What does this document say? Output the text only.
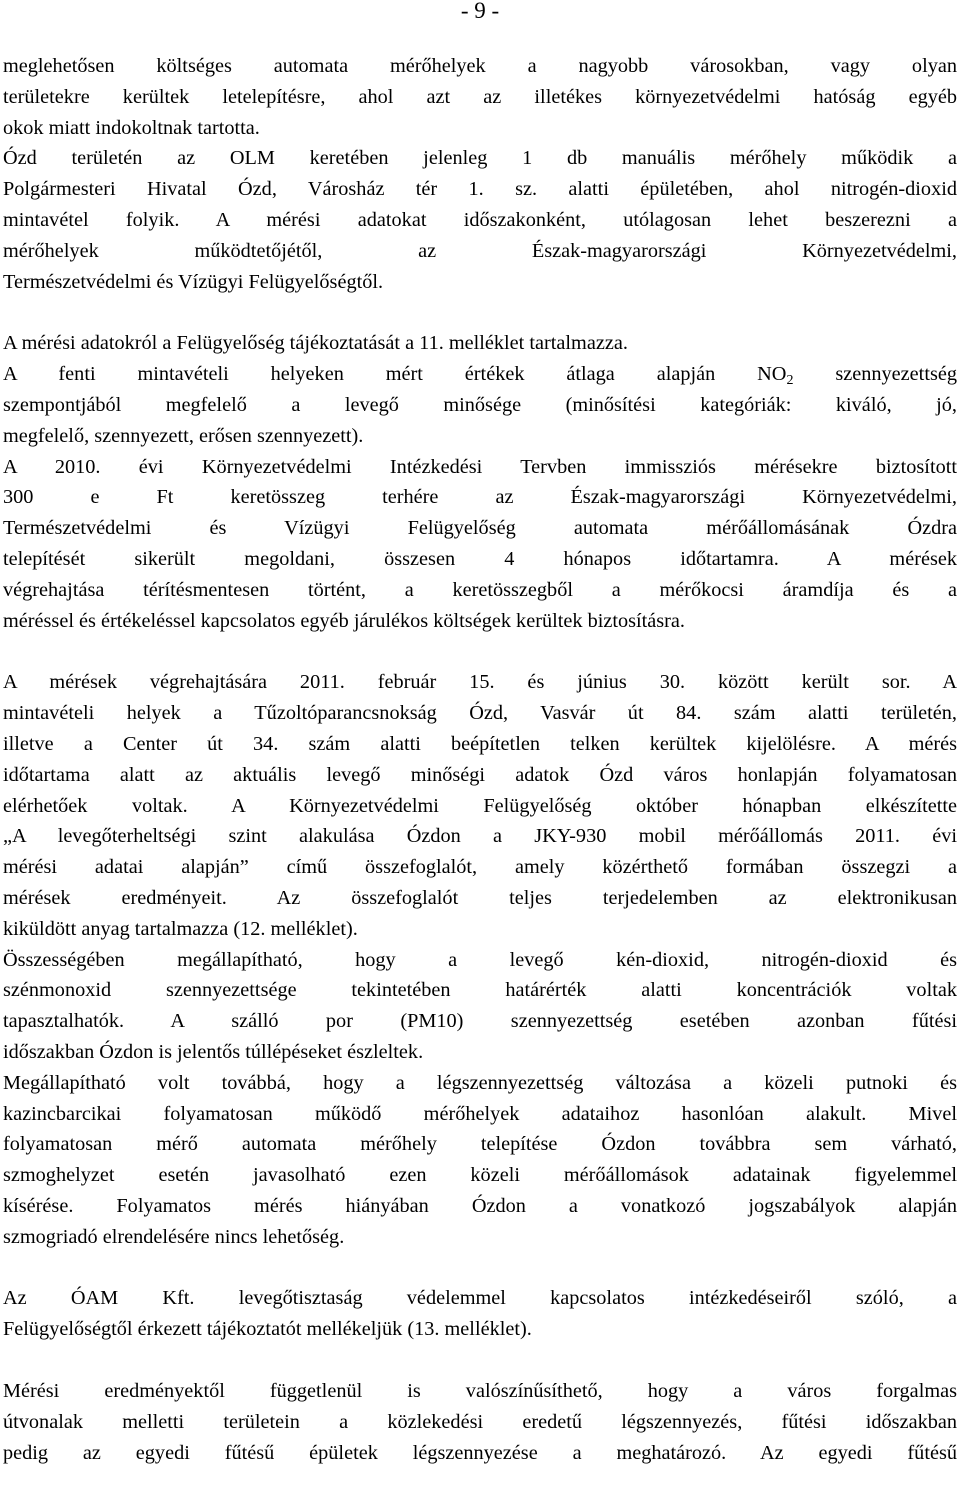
- 9 -
meglehetősen költséges automata mérőhelyek a nagyobb városokban, vagy olyan
területekre kerültek letelepítésre, ahol azt az illetékes környezetvédelmi hatóság egyéb
okok miatt indokoltnak tartotta.
Ózd területén az OLM keretében jelenleg 1 db manuális mérőhely működik a
Polgármesteri Hivatal Ózd, Városház tér 1. sz. alatti épületében, ahol nitrogén-dioxid
mintavétel folyik. A mérési adatokat időszakonként, utólagosan lehet beszerezni a
mérőhelyek működtetőjétől, az Észak-magyarországi Környezetvédelmi,
Természetvédelmi és Vízügyi Felügyelőségtől.
A mérési adatokról a Felügyelőség tájékoztatását a 11. melléklet tartalmazza.
A fenti mintavételi helyeken mért értékek átlaga alapján $NO_2$ szennyezettség
szempontjából megfelelő a levegő minősége (minősítési kategóriák: kiváló, jó,
megfelelő, szennyezett, erősen szennyezett).
A 2010. évi Környezetvédelmi Intézkedési Tervben immissziós mérésekre biztosított
300 e Ft keretösszeg terhére az Észak-magyarországi Környezetvédelmi,
Természetvédelmi és Vízügyi Felügyelőség automata mérőállomásának Ózdra
telepítését sikerült megoldani, összesen 4 hónapos időtartamra. A mérések
végrehajtása térítésmentesen történt, a keretösszegből a mérőkocsi áramdíja és a
méréssel és értékeléssel kapcsolatos egyéb járulékos költségek kerültek biztosításra.
A mérések végrehajtására 2011. február 15. és június 30. között került sor. A
mintavételi helyek a Tűzoltóparancsnokság Ózd, Vasvár út 84. szám alatti területén,
illetve a Center út 34. szám alatti beépítetlen telken kerültek kijelölésre. A mérés
időtartama alatt az aktuális levegő minőségi adatok Ózd város honlapján folyamatosan
elérhetőek voltak. A Környezetvédelmi Felügyelőség október hónapban elkészítette
„A levegőterheltségi szint alakulása Ózdon a JKY-930 mobil mérőállomás 2011. évi
mérési adatai alapján” című összefoglalót, amely közérthető formában összegzi a
mérések eredményeit. Az összefoglalót teljes terjedelemben az elektronikusan
kiküldött anyag tartalmazza (12. melléklet).
Összességében megállapítható, hogy a levegő kén-dioxid, nitrogén-dioxid és
szénmonoxid szennyezettsége tekintetében határérték alatti koncentrációk voltak
tapasztalhatók. A szálló por (PM10) szennyezettség esetében azonban fűtési
időszakban Ózdon is jelentős túllépéseket észleltek.
Megállapítható volt továbbá, hogy a légszennyezettség változása a közeli putnoki és
kazincbarcikai folyamatosan működő mérőhelyek adataihoz hasonlóan alakult. Mivel
folyamatosan mérő automata mérőhely telepítése Ózdon továbbra sem várható,
szmoghelyzet esetén javasolható ezen közeli mérőállomások adatainak figyelemmel
kísérése. Folyamatos mérés hiányában Ózdon a vonatkozó jogszabályok alapján
szmogriadó elrendelésére nincs lehetőség.
Az ÓAM Kft. levegőtisztaság védelemmel kapcsolatos intézkedéseiről szóló, a
Felügyelőségtől érkezett tájékoztatót mellékeljük (13. melléklet).
Mérési eredményektől függetlenül is valószínűsíthető, hogy a város forgalmas
útvonalak melletti területein a közlekedési eredetű légszennyezés, fűtési időszakban
pedig az egyedi fűtésű épületek légszennyezése a meghatározó. Az egyedi fűtésű
